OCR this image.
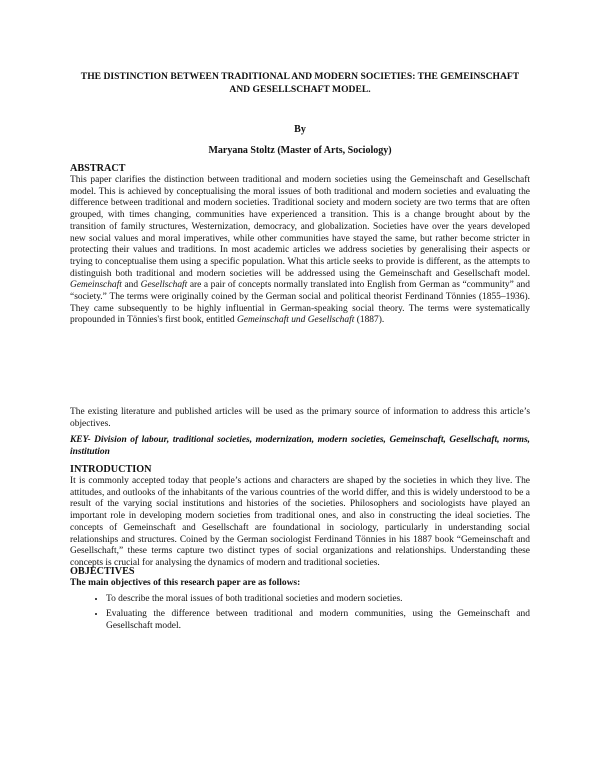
THE DISTINCTION BETWEEN TRADITIONAL AND MODERN SOCIETIES: THE GEMEINSCHAFT AND GESELLSCHAFT MODEL.
By
Maryana Stoltz (Master of Arts, Sociology)

ABSTRACT

This paper clarifies the distinction between traditional and modern societies using the Gemeinschaft and Gesellschaft model. This is achieved by conceptualising the moral issues of both traditional and modern societies and evaluating the difference between traditional and modern societies. Traditional society and modern society are two terms that are often grouped, with times changing, communities have experienced a transition. This is a change brought about by the transition of family structures, Westernization, democracy, and globalization. Societies have over the years developed new social values and moral imperatives, while other communities have stayed the same, but rather become stricter in protecting their values and traditions. In most academic articles we address societies by generalising their aspects or trying to conceptualise them using a specific population. What this article seeks to provide is different, as the attempts to distinguish both traditional and modern societies will be addressed using the Gemeinschaft and Gesellschaft model. Gemeinschaft and Gesellschaft are a pair of concepts normally translated into English from German as “community” and “society.” The terms were originally coined by the German social and political theorist Ferdinand Tönnies (1855–1936). They came subsequently to be highly influential in German-speaking social theory. The terms were systematically propounded in Tönnies's first book, entitled Gemeinschaft und Gesellschaft (1887).

The existing literature and published articles will be used as the primary source of information to address this article’s objectives.

KEY- Division of labour, traditional societies, modernization, modern societies, Gemeinschaft, Gesellschaft, norms, institution

INTRODUCTION

It is commonly accepted today that people’s actions and characters are shaped by the societies in which they live. The attitudes, and outlooks of the inhabitants of the various countries of the world differ, and this is widely understood to be a result of the varying social institutions and histories of the societies. Philosophers and sociologists have played an important role in developing modern societies from traditional ones, and also in constructing the ideal societies. The concepts of Gemeinschaft and Gesellschaft are foundational in sociology, particularly in understanding social relationships and structures. Coined by the German sociologist Ferdinand Tönnies in his 1887 book “Gemeinschaft and Gesellschaft,” these terms capture two distinct types of social organizations and relationships. Understanding these concepts is crucial for analysing the dynamics of modern and traditional societies.

OBJECTIVES

The main objectives of this research paper are as follows:

• To describe the moral issues of both traditional societies and modern societies.
• Evaluating the difference between traditional and modern communities, using the Gemeinschaft and Gesellschaft model.
